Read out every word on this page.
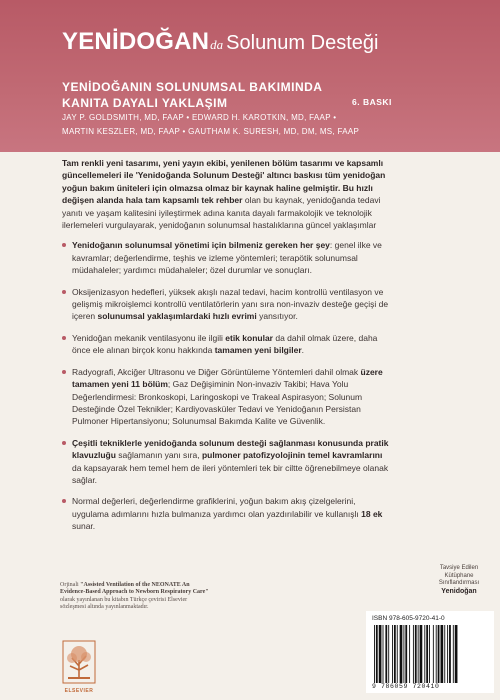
YENİDOĞANda Solunum Desteği
YENİDOĞANIN SOLUNUMSAL BAKIMINDA
KANITA DAYALI YAKLAŞIM	6. BASKI
JAY P. GOLDSMITH, MD, FAAP • EDWARD H. KAROTKIN, MD, FAAP •
MARTIN KESZLER, MD, FAAP • GAUTHAM K. SURESH, MD, DM, MS, FAAP

Tam renkli yeni tasarımı, yeni yayın ekibi, yenilenen bölüm tasarımı ve kapsamlı güncellemeleri ile 'Yenidoğanda Solunum Desteği' altıncı baskısı tüm yenidoğan yoğun bakım üniteleri için olmazsa olmaz bir kaynak haline gelmiştir. Bu hızlı değişen alanda hala tam kapsamlı tek rehber olan bu kaynak, yenidoğanda tedavi yanıtı ve yaşam kalitesini iyileştirmek adına kanıta dayalı farmakolojik ve teknolojik ilerlemeleri vurgulayarak, yenidoğanın solunumsal hastalıklarına güncel yaklaşımlar

Yenidoğanın solunumsal yönetimi için bilmeniz gereken her şey: genel ilke ve kavramlar; değerlendirme, teşhis ve izleme yöntemleri; terapötik solunumsal müdahaleler; yardımcı müdahaleler; özel durumlar ve sonuçları.
Oksijenizasyon hedefleri, yüksek akışlı nazal tedavi, hacim kontrollü ventilasyon ve gelişmiş mikroişlemci kontrollü ventilatörlerin yanı sıra non-invaziv desteğe geçişi de içeren solunumsal yaklaşımlardaki hızlı evrimi yansıtıyor.
Yenidoğan mekanik ventilasyonu ile ilgili etik konular da dahil olmak üzere, daha önce ele alınan birçok konu hakkında tamamen yeni bilgiler.
Radyografi, Akciğer Ultrasonu ve Diğer Görüntüleme Yöntemleri dahil olmak üzere tamamen yeni 11 bölüm; Gaz Değişiminin Non-invaziv Takibi; Hava Yolu Değerlendirmesi: Bronkoskopi, Laringoskopi ve Trakeal Aspirasyon; Solunum Desteğinde Özel Teknikler; Kardiyovasküler Tedavi ve Yenidoğanın Persistan Pulmoner Hipertansiyonu; Solunumsal Bakımda Kalite ve Güvenlik.
Çeşitli tekniklerle yenidoğanda solunum desteği sağlanması konusunda pratik klavuzluğu sağlamanın yanı sıra, pulmoner patofizyolojinin temel kavramlarını da kapsayarak hem temel hem de ileri yöntemleri tek bir ciltte öğrenebilmeye olanak sağlar.
Normal değerleri, değerlendirme grafiklerini, yoğun bakım akış çizelgelerini, uygulama adımlarını hızla bulmanıza yardımcı olan yazdırılabilir ve kullanışlı 18 ek sunar.
Orjinali "Assisted Ventilation of the NEONATE An Evidence-Based Approach to Newborn Respiratory Care" olarak yayınlanan bu kitabın Türkçe çevirisi Elsevier sözleşmesi altında yayınlanmaktadır.
ELSEVIER
Tavsiye Edilen
Kütüphane
Sınıflandırması
Yenidoğan
ISBN 978-605-9720-41-0
9 786059 720410
